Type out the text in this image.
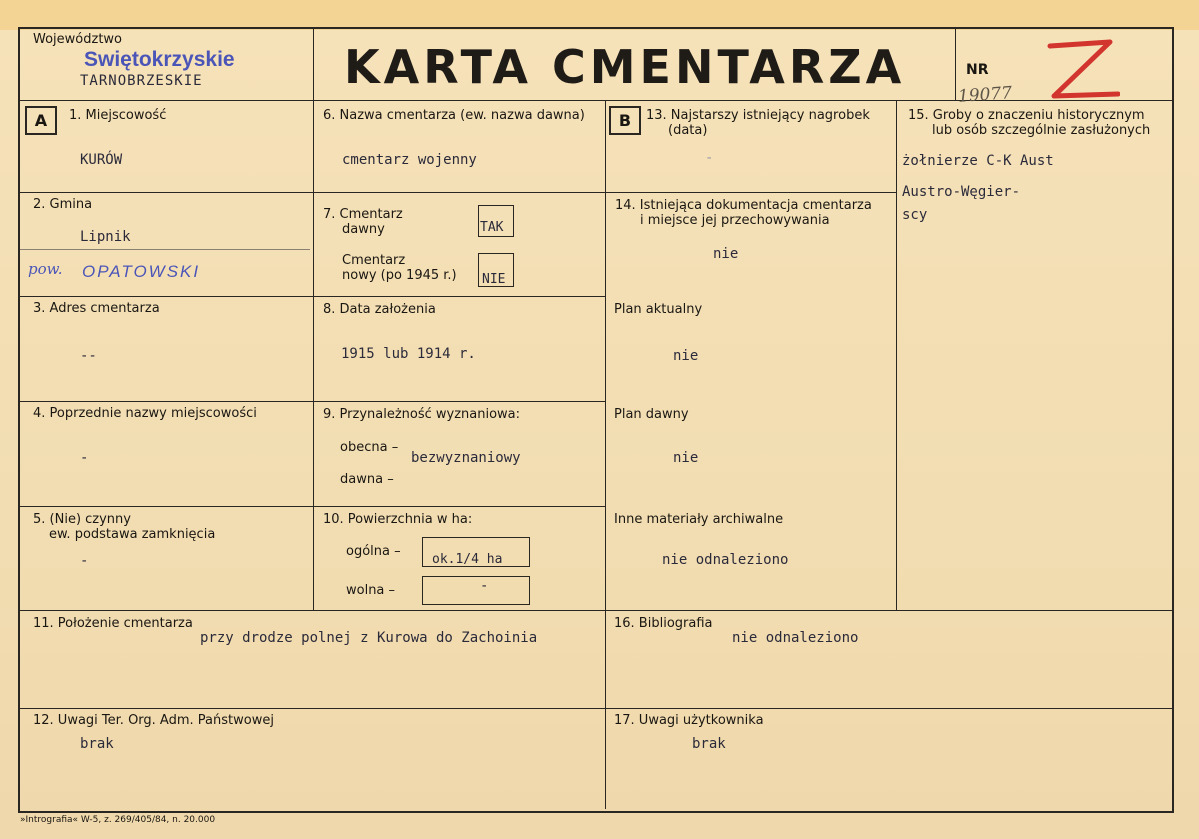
Województwo
Swiętokrzyskie
TARNOBRZESKIE	KARTA CMENTARZA	NR
19077
A	B
1. Miejscowość
KURÓW
2. Gmina
Lipnik
pow. OPATOWSKI
3. Adres cmentarza
--
4. Poprzednie nazwy miejscowości
-
5. (Nie) czynny
ew. podstawa zamknięcia
-
6. Nazwa cmentarza (ew. nazwa dawna)
cmentarz wojenny
7. Cmentarz
dawny	TAK
Cmentarz
nowy (po 1945 r.) NIE
8. Data założenia
1915 lub 1914 r.
9. Przynależność wyznaniowa:
obecna –
bezwyznaniowy
dawna –
10. Powierzchnia w ha:
ogólna –
ok.1/4 ha
wolna –	-
13. Najstarszy istniejący nagrobek
(data)
-
14. Istniejąca dokumentacja cmentarza
i miejsce jej przechowywania
nie
Plan aktualny
nie
Plan dawny
nie
Inne materiały archiwalne
nie odnaleziono
15. Groby o znaczeniu historycznym
lub osób szczególnie zasłużonych
żołnierze C-K Aust
Austro-Węgier-
scy
11. Położenie cmentarza
przy drodze polnej z Kurowa do Zachoinia
16. Bibliografia
nie odnaleziono
12. Uwagi Ter. Org. Adm. Państwowej
brak
17. Uwagi użytkownika
brak
»Intrografia« W-5, z. 269/405/84, n. 20.000
